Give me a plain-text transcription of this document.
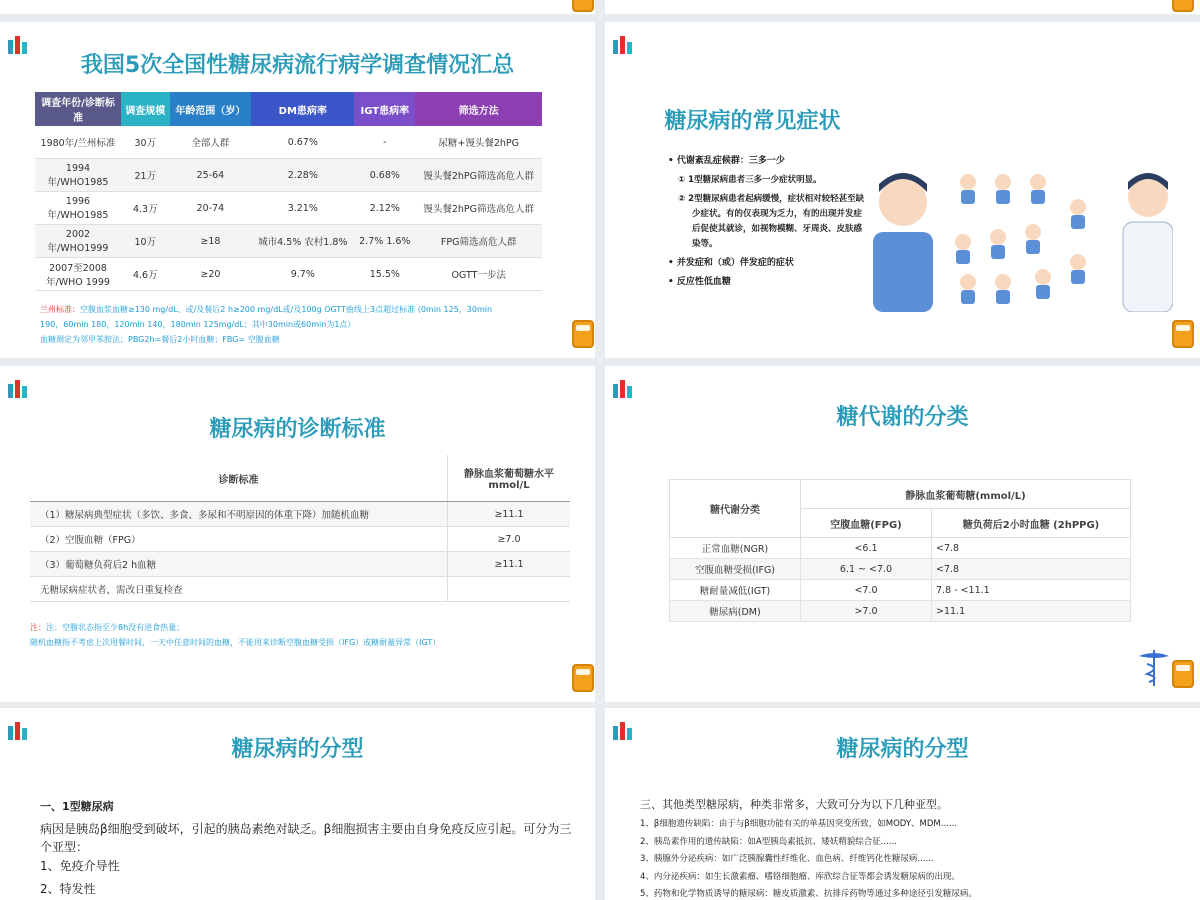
我国5次全国性糖尿病流行病学调查情况汇总
调查年份/诊断标准	调查规模	年龄范围（岁）	DM患病率	IGT患病率	筛选方法
1980年/兰州标准	30万	全部人群	0.67%	-	尿糖+馒头餐2hPG
1994年/WHO1985	21万	25-64	2.28%	0.68%	馒头餐2hPG筛选高危人群
1996年/WHO1985	4.3万	20-74	3.21%	2.12%	馒头餐2hPG筛选高危人群
2002年/WHO1999	10万	≥18	城市4.5% 农村1.8%	2.7% 1.6%	FPG筛选高危人群
2007至2008年/WHO 1999	4.6万	≥20	9.7%	15.5%	OGTT一步法
兰州标准：空腹血浆血糖≥130 mg/dL、或/及餐后2 h≥200 mg/dL或/及100g OGTT曲线上3点超过标准 (0min 125，30min
190，60min 180，120min 140，180min 125mg/dL；其中30min或60min为1点）
血糖测定为邻甲苯胺法；PBG2h=餐后2小时血糖；FBG= 空腹血糖
糖尿病的常见症状

• 代谢紊乱症候群：三多一少

① 1型糖尿病患者三多一少症状明显。

② 2型糖尿病患者起病缓慢，症状相对较轻甚至缺少症状。有的仅表现为乏力，有的出现并发症后促使其就诊，如视物模糊、牙周炎、皮肤感染等。

• 并发症和（或）伴发症的症状

• 反应性低血糖

糖尿病的诊断标准
诊断标准	静脉血浆葡萄糖水平mmol/L
（1）糖尿病典型症状（多饮、多食、多尿和不明原因的体重下降）加随机血糖	≥11.1
（2）空腹血糖（FPG）	≥7.0
（3）葡萄糖负荷后2 h血糖	≥11.1
无糖尿病症状者，需改日重复检查	
注：注：空腹状态指至少8h没有进食热量；
随机血糖指不考虑上次用餐时间，一天中任意时间的血糖，不能用来诊断空腹血糖受损（IFG）或糖耐量异常（IGT）
糖代谢的分类
糖代谢分类	静脉血浆葡萄糖(mmol/L)	
	空腹血糖(FPG)	糖负荷后2小时血糖 (2hPPG)
正常血糖(NGR)	<6.1	<7.8
空腹血糖受损(IFG)	6.1 ~ <7.0	<7.8
糖耐量减低(IGT)	<7.0	7.8 - <11.1
糖尿病(DM)	>7.0	>11.1
糖尿病的分型
一、1型糖尿病
病因是胰岛β细胞受到破坏，引起的胰岛素绝对缺乏。β细胞损害主要由自身免疫反应引起。可分为三个亚型：
1、免疫介导性
2、特发性
糖尿病的分型
三、其他类型糖尿病，种类非常多，大致可分为以下几种亚型。
1、β细胞遗传缺陷：由于与β细胞功能有关的单基因突变所致，如MODY、MDM......
2、胰岛素作用的遗传缺陷：如A型胰岛素抵抗、矮妖精貌综合征......
3、胰腺外分泌疾病：如广泛胰腺囊性纤维化、血色病、纤维钙化性糖尿病......
4、内分泌疾病：如生长激素瘤、嗜铬细胞瘤、库欣综合征等都会诱发糖尿病的出现。
5、药物和化学物质诱导的糖尿病：糖皮质激素、抗排斥药物等通过多种途径引发糖尿病。
